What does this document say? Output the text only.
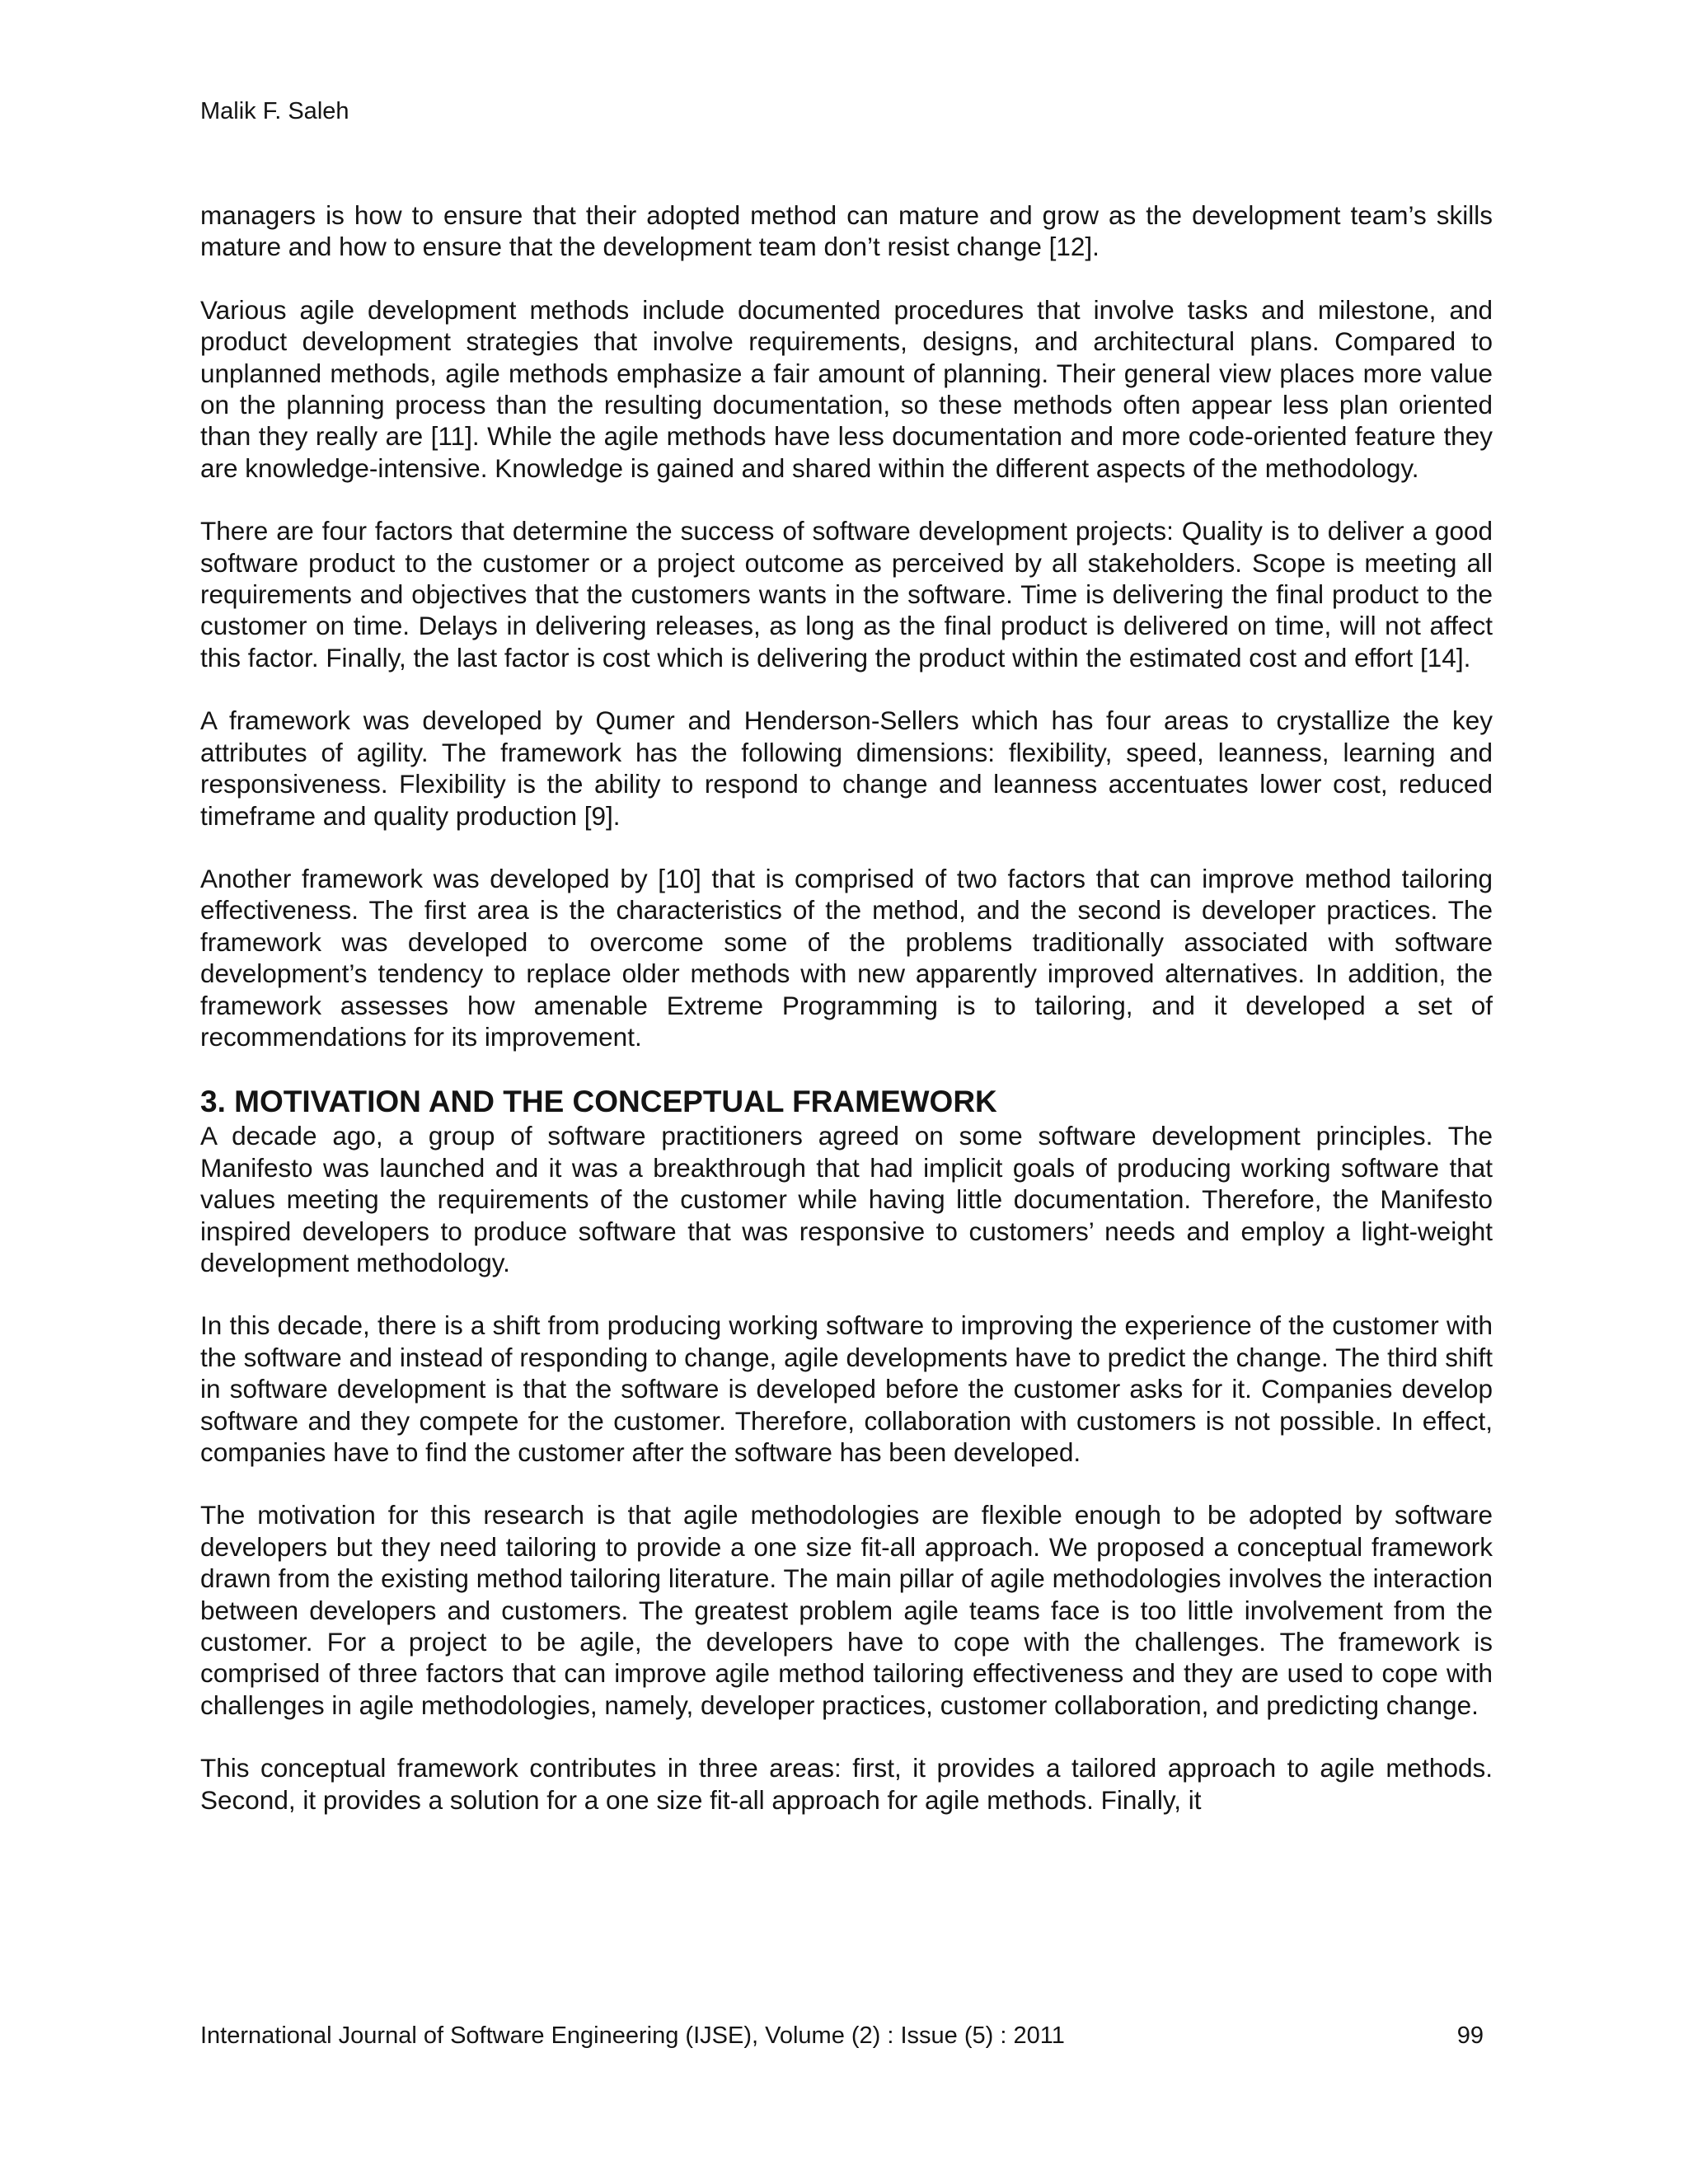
Malik F. Saleh

managers is how to ensure that their adopted method can mature and grow as the development team’s skills mature and how to ensure that the development team don’t resist change [12].

Various agile development methods include documented procedures that involve tasks and milestone, and product development strategies that involve requirements, designs, and architectural plans. Compared to unplanned methods, agile methods emphasize a fair amount of planning. Their general view places more value on the planning process than the resulting documentation, so these methods often appear less plan oriented than they really are [11]. While the agile methods have less documentation and more code-oriented feature they are knowledge-intensive. Knowledge is gained and shared within the different aspects of the methodology.

There are four factors that determine the success of software development projects: Quality is to deliver a good software product to the customer or a project outcome as perceived by all stakeholders. Scope is meeting all requirements and objectives that the customers wants in the software. Time is delivering the final product to the customer on time. Delays in delivering releases, as long as the final product is delivered on time, will not affect this factor. Finally, the last factor is cost which is delivering the product within the estimated cost and effort [14].

A framework was developed by Qumer and Henderson-Sellers which has four areas to crystallize the key attributes of agility. The framework has the following dimensions: flexibility, speed, leanness, learning and responsiveness. Flexibility is the ability to respond to change and leanness accentuates lower cost, reduced timeframe and quality production [9].

Another framework was developed by [10] that is comprised of two factors that can improve method tailoring effectiveness. The first area is the characteristics of the method, and the second is developer practices. The framework was developed to overcome some of the problems traditionally associated with software development’s tendency to replace older methods with new apparently improved alternatives. In addition, the framework assesses how amenable Extreme Programming is to tailoring, and it developed a set of recommendations for its improvement.

3. MOTIVATION AND THE CONCEPTUAL FRAMEWORK

A decade ago, a group of software practitioners agreed on some software development principles. The Manifesto was launched and it was a breakthrough that had implicit goals of producing working software that values meeting the requirements of the customer while having little documentation. Therefore, the Manifesto inspired developers to produce software that was responsive to customers’ needs and employ a light-weight development methodology.

In this decade, there is a shift from producing working software to improving the experience of the customer with the software and instead of responding to change, agile developments have to predict the change. The third shift in software development is that the software is developed before the customer asks for it. Companies develop software and they compete for the customer. Therefore, collaboration with customers is not possible. In effect, companies have to find the customer after the software has been developed.

The motivation for this research is that agile methodologies are flexible enough to be adopted by software developers but they need tailoring to provide a one size fit-all approach. We proposed a conceptual framework drawn from the existing method tailoring literature. The main pillar of agile methodologies involves the interaction between developers and customers. The greatest problem agile teams face is too little involvement from the customer. For a project to be agile, the developers have to cope with the challenges. The framework is comprised of three factors that can improve agile method tailoring effectiveness and they are used to cope with challenges in agile methodologies, namely, developer practices, customer collaboration, and predicting change.

This conceptual framework contributes in three areas: first, it provides a tailored approach to agile methods. Second, it provides a solution for a one size fit-all approach for agile methods. Finally, it

International Journal of Software Engineering (IJSE), Volume (2) : Issue (5) : 2011	99
